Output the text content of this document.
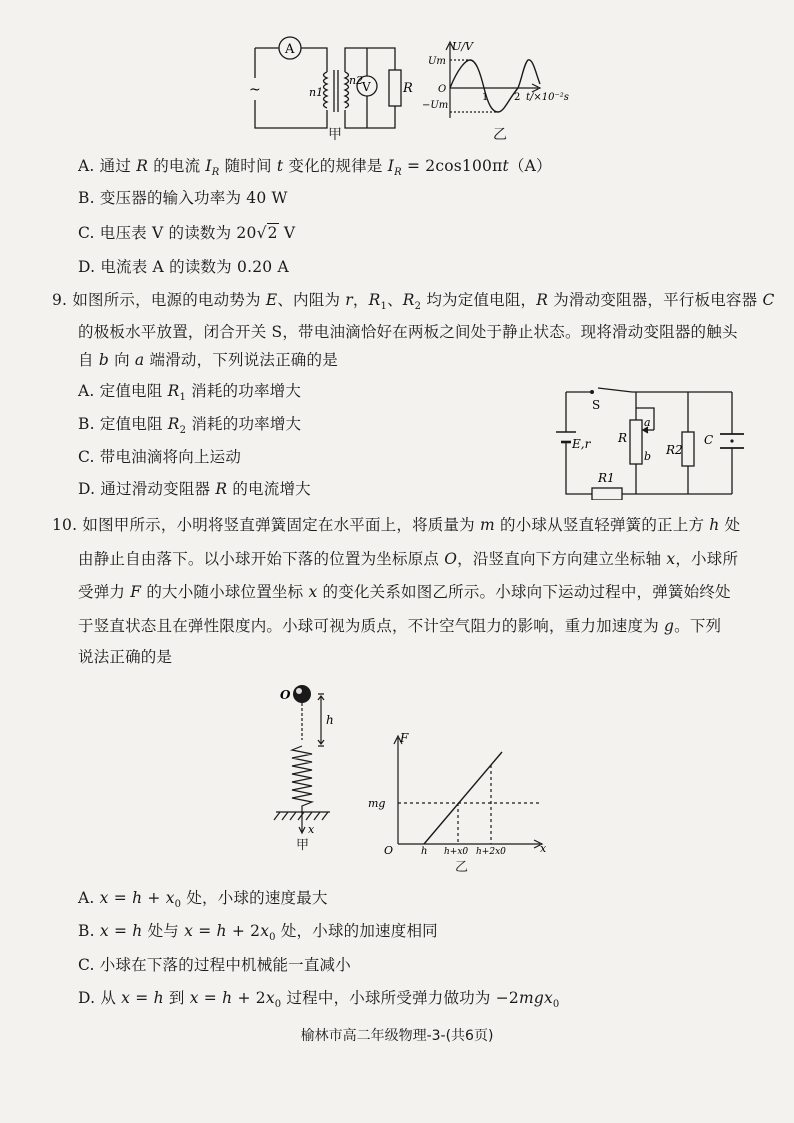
A
V
~	n1
n2
R
甲
U/V
Um
O
−Um
1	2 t/×10⁻²s
乙
A. 通过 R 的电流 $I_R$ 随时间 t 变化的规律是 $I_R = 2\cos 100\pi t(A)$
B. 变压器的输入功率为 40 W
C. 电压表 V 的读数为 20√2 V
D. 电流表 A 的读数为 0.20 A
9. 如图所示，电源的电动势为 E、内阻为 r，$R_1$、$R_2$ 均为定值电阻，R 为滑动变阻器，平行板电容器 C
的极板水平放置，闭合开关 S，带电油滴恰好在两板之间处于静止状态。现将滑动变阻器的触头
自 b 向 a 端滑动，下列说法正确的是
A. 定值电阻 $R_1$ 消耗的功率增大
B. 定值电阻 $R_2$ 消耗的功率增大
C. 带电油滴将向上运动
D. 通过滑动变阻器 R 的电流增大
S
E,r R
a
b R2
C
R1
10. 如图甲所示，小明将竖直弹簧固定在水平面上，将质量为 m 的小球从竖直轻弹簧的正上方 h 处
由静止自由落下。以小球开始下落的位置为坐标原点 O，沿竖直向下方向建立坐标轴 x，小球所
受弹力 F 的大小随小球位置坐标 x 的变化关系如图乙所示。小球向下运动过程中，弹簧始终处
于竖直状态且在弹性限度内。小球可视为质点，不计空气阻力的影响，重力加速度为 g。下列
说法正确的是
O
h
x
甲
F
mg
O	h h+x0 h+2x0	x
乙
A. $x = h + x_0$ 处，小球的速度最大
B. x = h 处与 $x = h + 2x_0$ 处，小球的加速度相同
C. 小球在下落的过程中机械能一直减小
D. 从 x = h 到 $x = h + 2x_0$ 过程中，小球所受弹力做功为 −2mgx$_0$
榆林市高二年级物理-3-(共6页)
